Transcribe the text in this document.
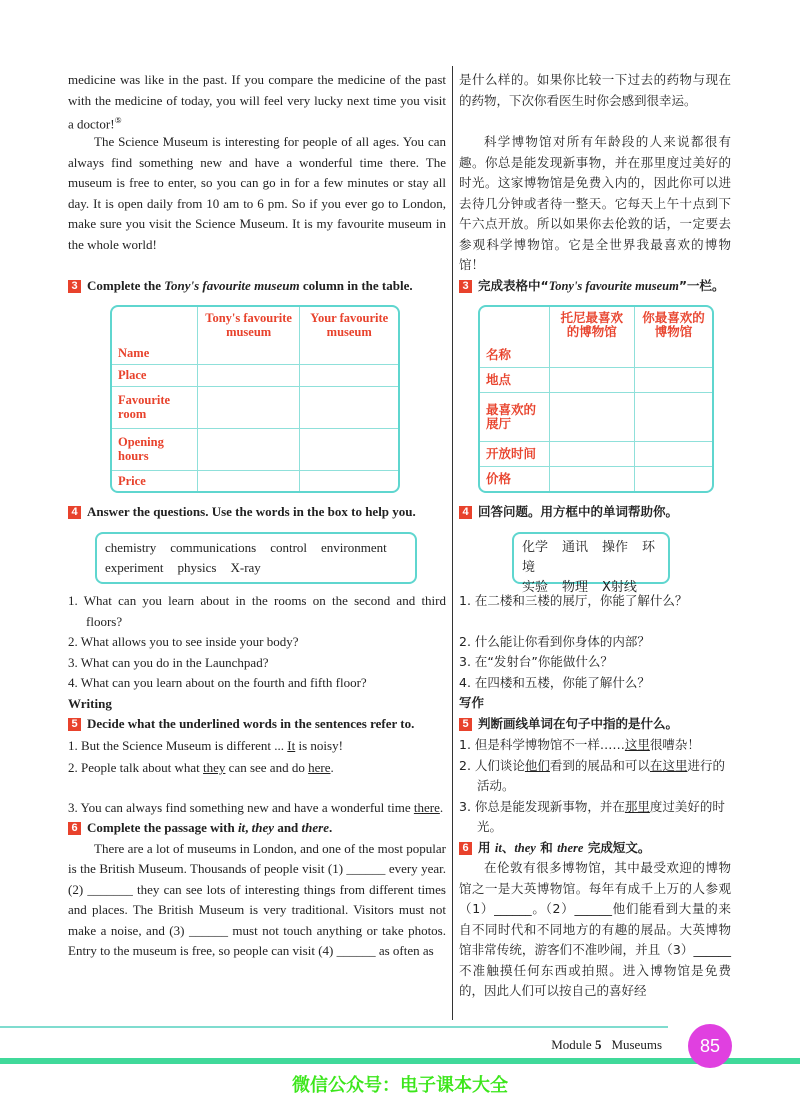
medicine was like in the past. If you compare the medicine of the past with the medicine of today, you will feel very lucky next time you visit a doctor!⑤
The Science Museum is interesting for people of all ages. You can always find something new and have a wonderful time there. The museum is free to enter, so you can go in for a few minutes or stay all day. It is open daily from 10 am to 6 pm. So if you ever go to London, make sure you visit the Science Museum. It is my favourite museum in the whole world!
3 Complete the Tony's favourite museum column in the table.
	Tony's favourite museum	Your favourite museum
Name		
Place		
Favourite room		
Opening hours		
Price		
4 Answer the questions. Use the words in the box to help you.
chemistry communications control environment
experiment physics X-ray
1. What can you learn about in the rooms on the second and third floors?
2. What allows you to see inside your body?
3. What can you do in the Launchpad?
4. What can you learn about on the fourth and fifth floor?
Writing
5 Decide what the underlined words in the sentences refer to.
1. But the Science Museum is different ... It is noisy!
2. People talk about what they can see and do here.
3. You can always find something new and have a wonderful time there.
6 Complete the passage with it, they and there.
There are a lot of museums in London, and one of the most popular is the British Museum. Thousands of people visit (1) ______ every year. (2) _______ they can see lots of interesting things from different times and places. The British Museum is very traditional. Visitors must not make a noise, and (3) ______ must not touch anything or take photos. Entry to the museum is free, so people can visit (4) ______ as often as
是什么样的。如果你比较一下过去的药物与现在的药物，下次你看医生时你会感到很幸运。
科学博物馆对所有年龄段的人来说都很有趣。你总是能发现新事物，并在那里度过美好的时光。这家博物馆是免费入内的，因此你可以进去待几分钟或者待一整天。它每天上午十点到下午六点开放。所以如果你去伦敦的话，一定要去参观科学博物馆。它是全世界我最喜欢的博物馆！
3 完成表格中“Tony's favourite museum”一栏。
	托尼最喜欢的博物馆	你最喜欢的博物馆
名称		
地点		
最喜欢的展厅		
开放时间		
价格		
4 回答问题。用方框中的单词帮助你。
化学 通讯 操作 环境
实验 物理 X射线
1. 在二楼和三楼的展厅，你能了解什么？
2. 什么能让你看到你身体的内部？
3. 在“发射台”你能做什么？
4. 在四楼和五楼，你能了解什么？
写作
5 判断画线单词在句子中指的是什么。
1. 但是科学博物馆不一样……这里很嘈杂！
2. 人们谈论他们看到的展品和可以在这里进行的活动。
3. 你总是能发现新事物，并在那里度过美好的时光。
6 用 it、they 和 there 完成短文。
在伦敦有很多博物馆，其中最受欢迎的博物馆之一是大英博物馆。每年有成千上万的人参观（1）______。（2）______他们能看到大量的来自不同时代和不同地方的有趣的展品。大英博物馆非常传统，游客们不准吵闹，并且（3）______不准触摸任何东西或拍照。进入博物馆是免费的，因此人们可以按自己的喜好经
Module 5 Museums	85
微信公众号：电子课本大全
